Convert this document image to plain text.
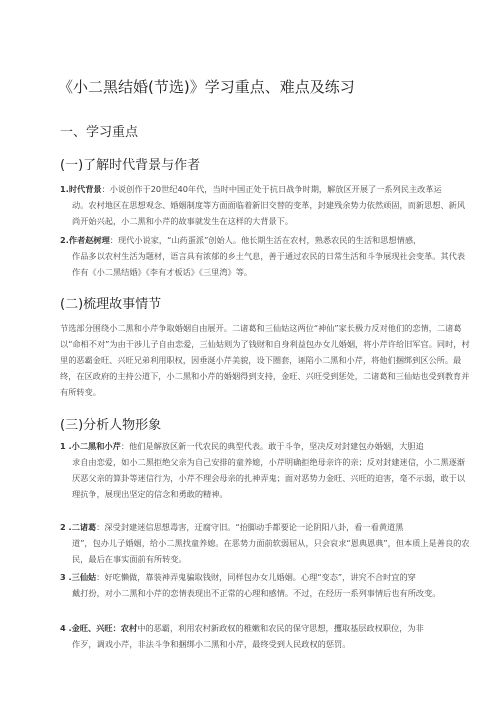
《小二黑结婚(节选)》学习重点、难点及练习
一、学习重点
(一)了解时代背景与作者
1. 时代背景：小说创作于20世纪40年代，当时中国正处于抗日战争时期，解放区开展了一系列民主改革运
动。农村地区在思想观念、婚姻制度等方面面临着新旧交替的变革，封建残余势力依然顽固，而新思想、新风尚开始兴起，小二黑和小芹的故事就发生在这样的大背景下。
2. 作者赵树理：现代小说家，“山药蛋派”创始人。他长期生活在农村，熟悉农民的生活和思想情感，
作品多以农村生活为题材，语言具有浓郁的乡土气息，善于通过农民的日常生活和斗争展现社会变革。其代表作有《小二黑结婚》《李有才板话》《三里湾》等。
(二)梳理故事情节
节选部分围绕小二黑和小芹争取婚姻自由展开。二诸葛和三仙姑这两位“神仙”家长极力反对他们的恋情，二诸葛以“命相不对”为由干涉儿子自由恋爱，三仙姑则为了钱财和自身利益包办女儿婚姻，将小芹许给旧军官。同时，村里的恶霸金旺、兴旺兄弟利用职权，因垂涎小芹美貌，设下圈套，诬陷小二黑和小芹，将他们捆绑到区公所。最终，在区政府的主持公道下，小二黑和小芹的婚姻得到支持，金旺、兴旺受到惩处，二诸葛和三仙姑也受到教育并有所转变。
(三)分析人物形象
1 . 小二黑和小芹：他们是解放区新一代农民的典型代表。敢于斗争，坚决反对封建包办婚姻，大胆追
求自由恋爱，如小二黑拒绝父亲为自己安排的童养媳，小芹明确拒绝母亲许的亲；反对封建迷信，小二黑逐渐厌恶父亲的算卦等迷信行为，小芹不理会母亲的扎神弄鬼；面对恶势力金旺、兴旺的迫害，毫不示弱，敢于以理抗争，展现出坚定的信念和勇敢的精神。
2 . 二诸葛：深受封建迷信思想毒害，迂腐守旧。“抬脚动手都要论一论阴阳八卦，看一看黄道黑
道”，包办儿子婚姻，给小二黑找童养媳。在恶势力面前软弱屈从，只会哀求“恩典恩典”，但本质上是善良的农民，最后在事实面前有所转变。
3 . 三仙姑：好吃懒做，靠装神弄鬼骗取钱财，同样包办女儿婚姻。心理“变态”，讲究不合时宜的穿
戴打扮，对小二黑和小芹的恋情表现出不正常的心理和感情。不过，在经历一系列事情后也有所改变。
4 . 金旺、兴旺：农村中的恶霸，利用农村新政权的稚嫩和农民的保守思想，攫取基层政权职位，为非
作歹，调戏小芹，非法斗争和捆绑小二黑和小芹，最终受到人民政权的惩罚。
